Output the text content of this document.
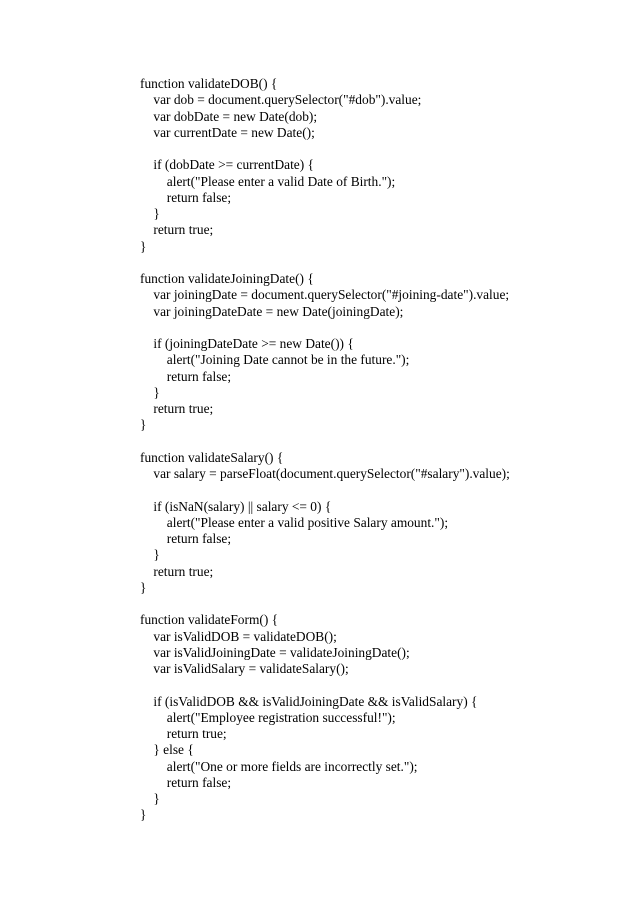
function validateDOB() {
var dob = document.querySelector("#dob").value;
var dobDate = new Date(dob);
var currentDate = new Date();
if (dobDate >= currentDate) {
alert("Please enter a valid Date of Birth.");
return false;
}
return true;
}
function validateJoiningDate() {
var joiningDate = document.querySelector("#joining-date").value;
var joiningDateDate = new Date(joiningDate);
if (joiningDateDate >= new Date()) {
alert("Joining Date cannot be in the future.");
return false;
}
return true;
}
function validateSalary() {
var salary = parseFloat(document.querySelector("#salary").value);
if (isNaN(salary) || salary <= 0) {
alert("Please enter a valid positive Salary amount.");
return false;
}
return true;
}
function validateForm() {
var isValidDOB = validateDOB();
var isValidJoiningDate = validateJoiningDate();
var isValidSalary = validateSalary();
if (isValidDOB && isValidJoiningDate && isValidSalary) {
alert("Employee registration successful!");
return true;
} else {
alert("One or more fields are incorrectly set.");
return false;
}
}
